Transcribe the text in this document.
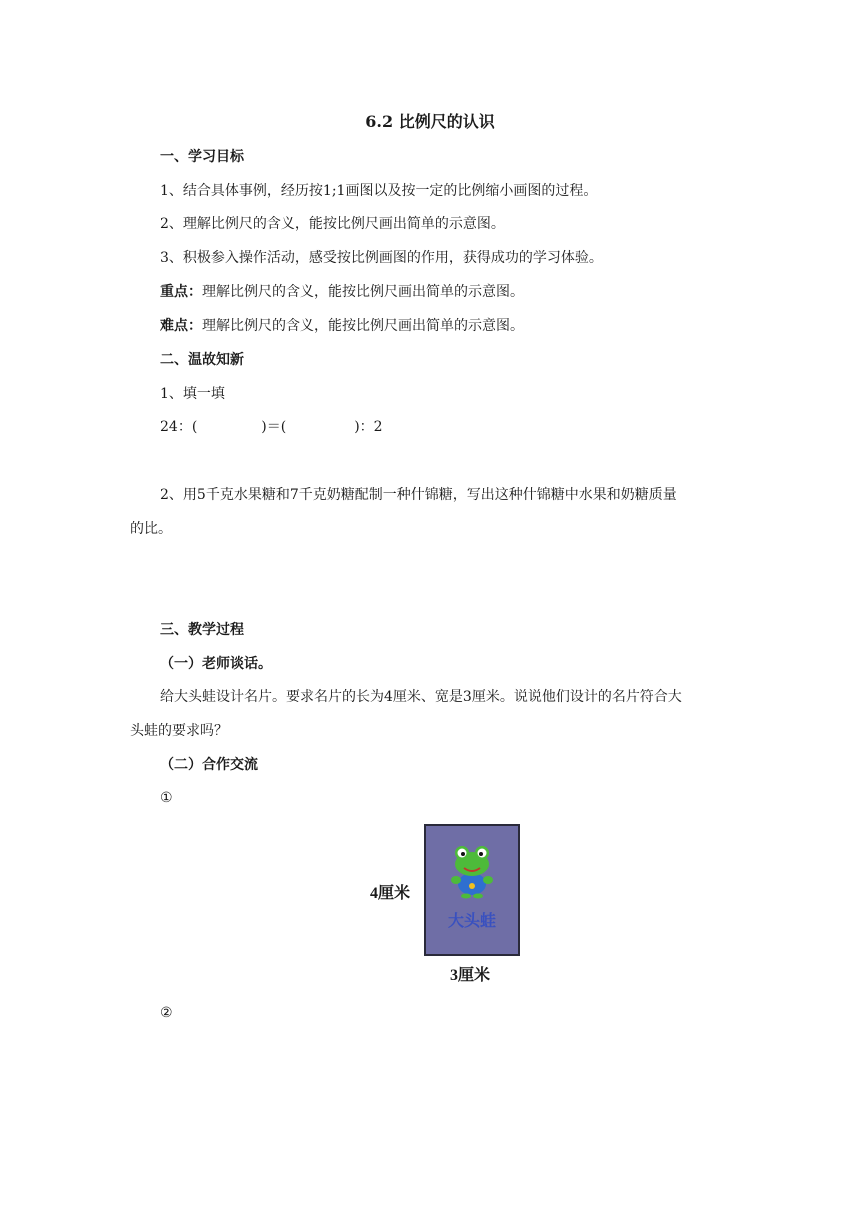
6.2 比例尺的认识
一、学习目标
1、结合具体事例，经历按1;1画图以及按一定的比例缩小画图的过程。
2、理解比例尺的含义，能按比例尺画出简单的示意图。
3、积极参入操作活动，感受按比例画图的作用，获得成功的学习体验。
重点：理解比例尺的含义，能按比例尺画出简单的示意图。
难点：理解比例尺的含义，能按比例尺画出简单的示意图。
二、温故知新
1、填一填
24：(	)＝(	)：2
2、用5千克水果糖和7千克奶糖配制一种什锦糖，写出这种什锦糖中水果和奶糖质量
的比。
三、教学过程
（一）老师谈话。
给大头蛙设计名片。要求名片的长为4厘米、宽是3厘米。说说他们设计的名片符合大
头蛙的要求吗？
（二）合作交流
①
4厘米
大头蛙
3厘米
②
